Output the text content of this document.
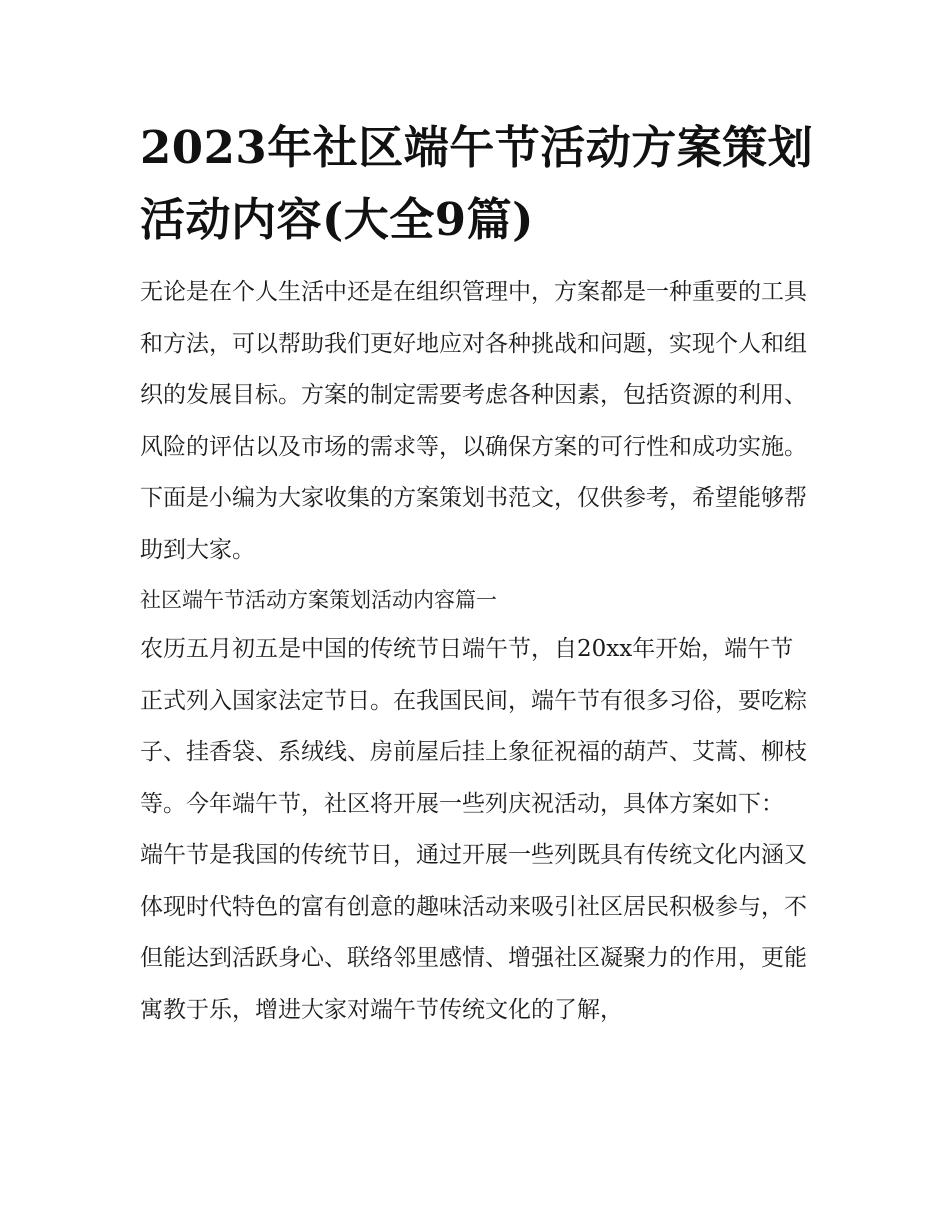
2023年社区端午节活动方案策划活动内容(大全9篇)

无论是在个人生活中还是在组织管理中，方案都是一种重要的工具和方法，可以帮助我们更好地应对各种挑战和问题，实现个人和组织的发展目标。方案的制定需要考虑各种因素，包括资源的利用、风险的评估以及市场的需求等，以确保方案的可行性和成功实施。下面是小编为大家收集的方案策划书范文，仅供参考，希望能够帮助到大家。

社区端午节活动方案策划活动内容篇一

农历五月初五是中国的传统节日端午节，自20xx年开始，端午节正式列入国家法定节日。在我国民间，端午节有很多习俗，要吃粽子、挂香袋、系绒线、房前屋后挂上象征祝福的葫芦、艾蒿、柳枝等。今年端午节，社区将开展一些列庆祝活动，具体方案如下：

端午节是我国的传统节日，通过开展一些列既具有传统文化内涵又体现时代特色的富有创意的趣味活动来吸引社区居民积极参与，不但能达到活跃身心、联络邻里感情、增强社区凝聚力的作用，更能寓教于乐，增进大家对端午节传统文化的了解，
